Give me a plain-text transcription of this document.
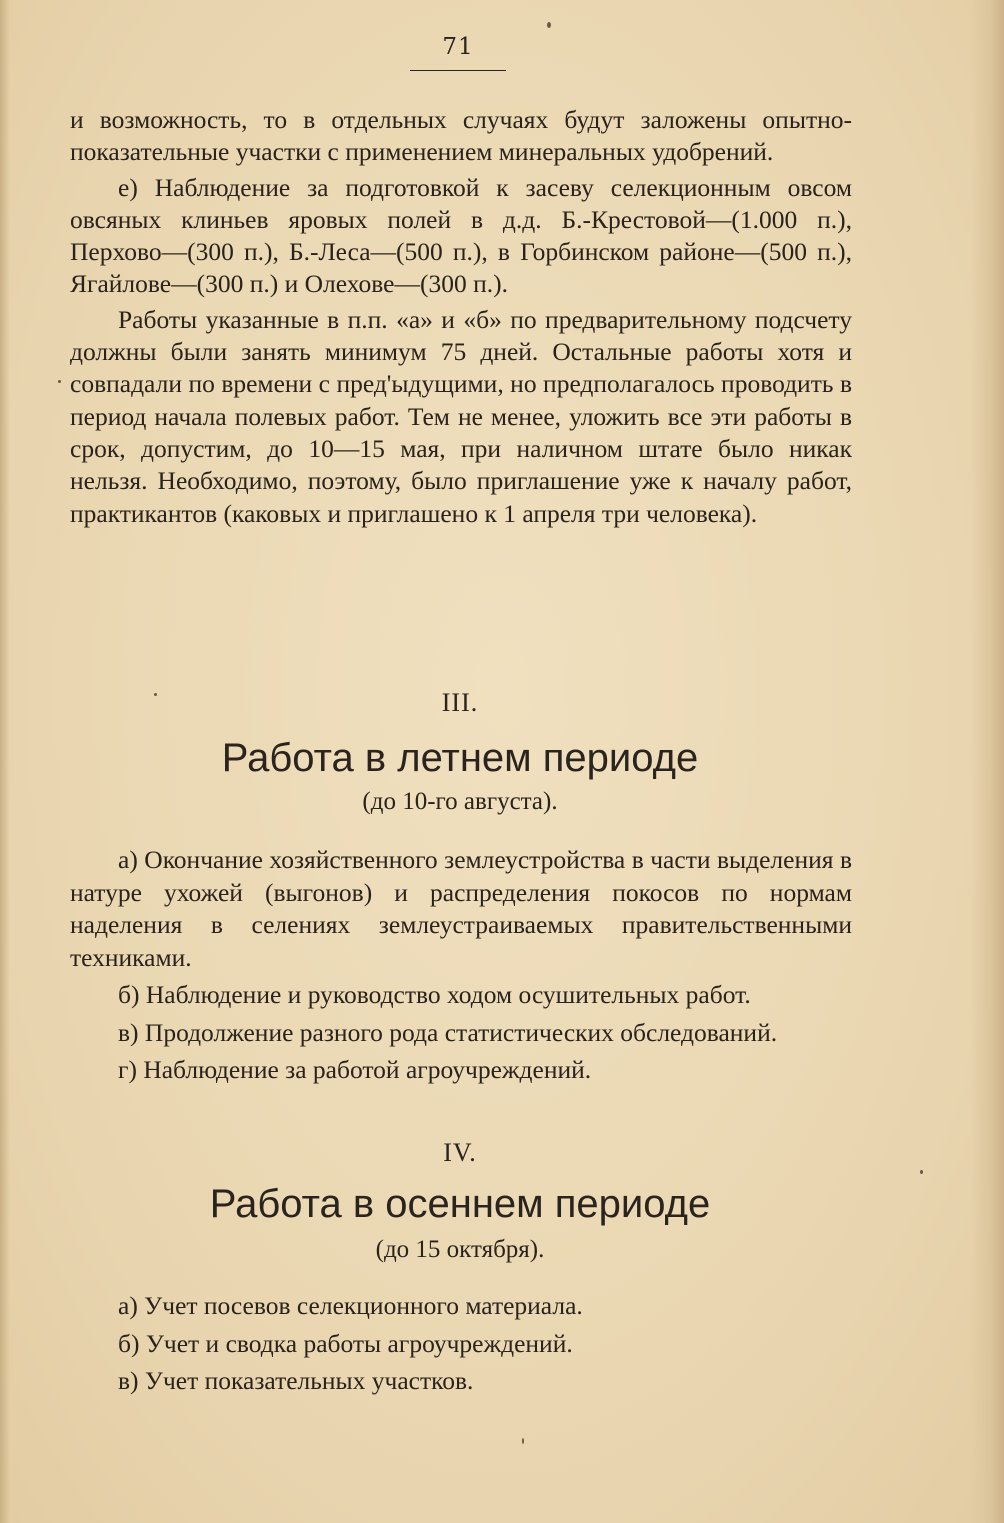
71

и возможность, то в отдельных случаях будут заложены опытно-показательные участки с применением минеральных удобрений.

е) Наблюдение за подготовкой к засеву селекционным овсом овсяных клиньев яровых полей в д.д. Б.-Крестовой—(1.000 п.), Перхово—(300 п.), Б.-Леса—(500 п.), в Горбинском районе—(500 п.), Ягайлове—(300 п.) и Олехове—(300 п.).

Работы указанные в п.п. «а» и «б» по предварительному подсчету должны были занять минимум 75 дней. Остальные работы хотя и совпадали по времени с пред'ыдущими, но предполагалось проводить в период начала полевых работ. Тем не менее, уложить все эти работы в срок, допустим, до 10—15 мая, при наличном штате было никак нельзя. Необходимо, поэтому, было приглашение уже к началу работ, практикантов (каковых и приглашено к 1 апреля три человека).

III.
Работа в летнем периоде
(до 10-го августа).

а) Окончание хозяйственного землеустройства в части выделения в натуре ухожей (выгонов) и распределения покосов по нормам наделения в селениях землеустраиваемых правительственными техниками.

б) Наблюдение и руководство ходом осушительных работ.

в) Продолжение разного рода статистических обследований.

г) Наблюдение за работой агроучреждений.

IV.
Работа в осеннем периоде
(до 15 октября).

а) Учет посевов селекционного материала.

б) Учет и сводка работы агроучреждений.

в) Учет показательных участков.
